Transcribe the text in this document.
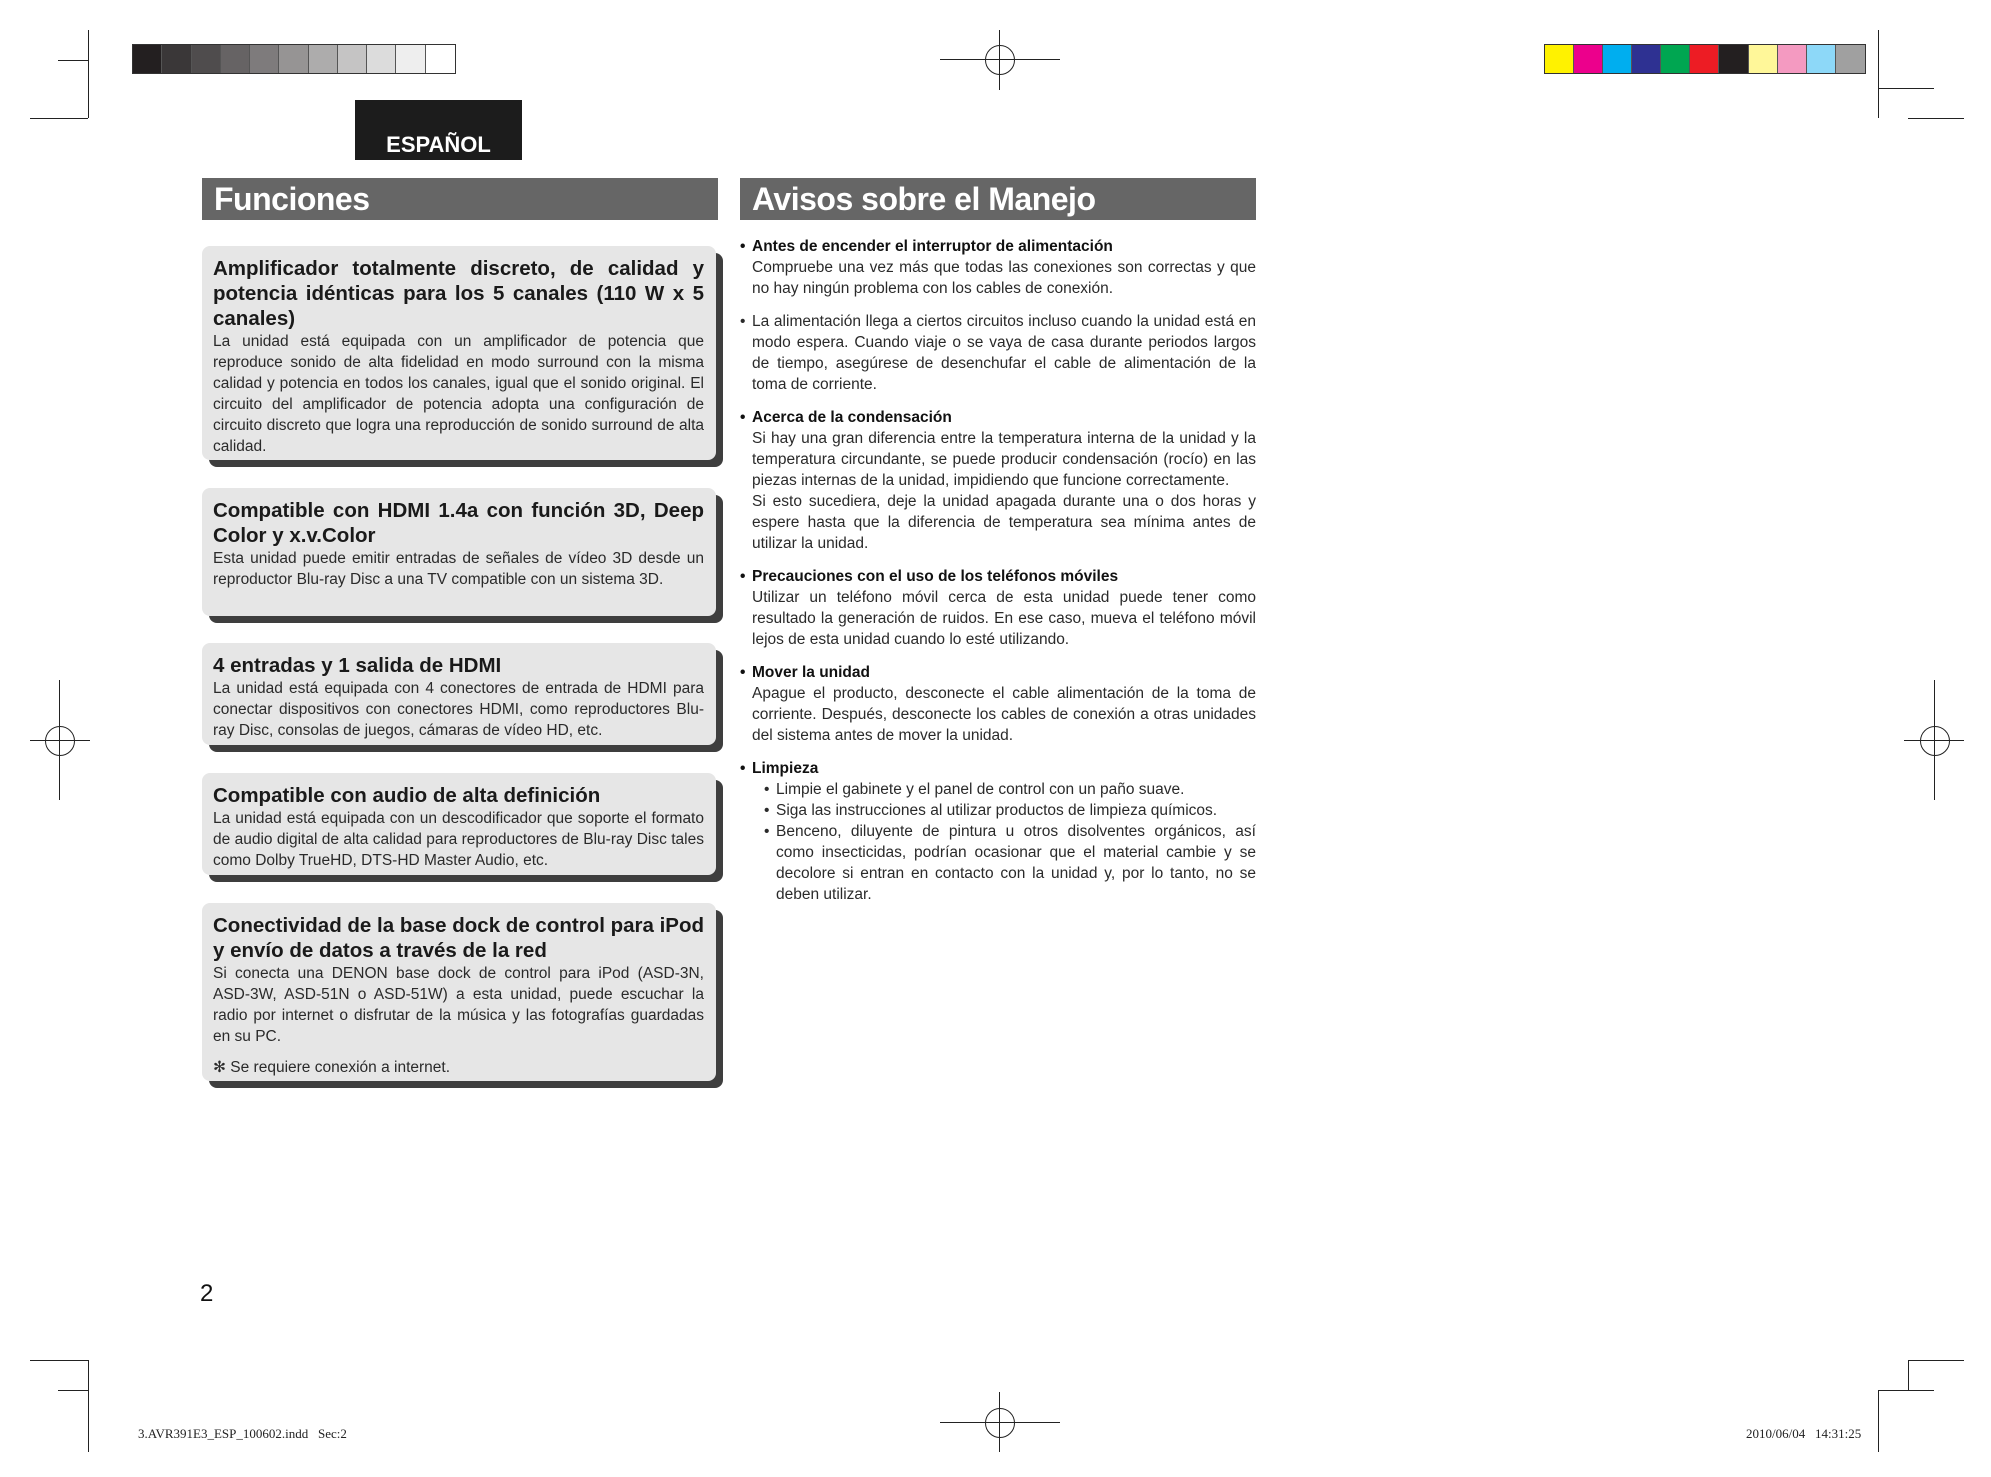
ESPAÑOL
Funciones	Avisos sobre el Manejo

Amplificador totalmente discreto, de calidad y potencia idénticas para los 5 canales (110 W x 5 canales)

La unidad está equipada con un amplificador de potencia que reproduce sonido de alta fidelidad en modo surround con la misma calidad y potencia en todos los canales, igual que el sonido original. El circuito del amplificador de potencia adopta una configuración de circuito discreto que logra una reproducción de sonido surround de alta calidad.

Compatible con HDMI 1.4a con función 3D, Deep Color y x.v.Color

Esta unidad puede emitir entradas de señales de vídeo 3D desde un reproductor Blu-ray Disc a una TV compatible con un sistema 3D.

4 entradas y 1 salida de HDMI

La unidad está equipada con 4 conectores de entrada de HDMI para conectar dispositivos con conectores HDMI, como reproductores Blu-ray Disc, consolas de juegos, cámaras de vídeo HD, etc.

Compatible con audio de alta definición

La unidad está equipada con un descodificador que soporte el formato de audio digital de alta calidad para reproductores de Blu-ray Disc tales como Dolby TrueHD, DTS-HD Master Audio, etc.

Conectividad de la base dock de control para iPod y envío de datos a través de la red

Si conecta una DENON base dock de control para iPod (ASD-3N, ASD-3W, ASD-51N o ASD-51W) a esta unidad, puede escuchar la radio por internet o disfrutar de la música y las fotografías guardadas en su PC.

✻ Se requiere conexión a internet.

• Antes de encender el interruptor de alimentación

Compruebe una vez más que todas las conexiones son correctas y que no hay ningún problema con los cables de conexión.

• La alimentación llega a ciertos circuitos incluso cuando la unidad está en modo espera. Cuando viaje o se vaya de casa durante periodos largos de tiempo, asegúrese de desenchufar el cable de alimentación de la toma de corriente.
• Acerca de la condensación

Si hay una gran diferencia entre la temperatura interna de la unidad y la temperatura circundante, se puede producir condensación (rocío) en las piezas internas de la unidad, impidiendo que funcione correctamente.

Si esto sucediera, deje la unidad apagada durante una o dos horas y espere hasta que la diferencia de temperatura sea mínima antes de utilizar la unidad.

• Precauciones con el uso de los teléfonos móviles

Utilizar un teléfono móvil cerca de esta unidad puede tener como resultado la generación de ruidos. En ese caso, mueva el teléfono móvil lejos de esta unidad cuando lo esté utilizando.

• Mover la unidad

Apague el producto, desconecte el cable alimentación de la toma de corriente. Después, desconecte los cables de conexión a otras unidades del sistema antes de mover la unidad.

• Limpieza
• Limpie el gabinete y el panel de control con un paño suave.
• Siga las instrucciones al utilizar productos de limpieza químicos.
• Benceno, diluyente de pintura u otros disolventes orgánicos, así como insecticidas, podrían ocasionar que el material cambie y se decolore si entran en contacto con la unidad y, por lo tanto, no se deben utilizar.
2
3.AVR391E3_ESP_100602.indd   Sec:2	2010/06/04   14:31:25
